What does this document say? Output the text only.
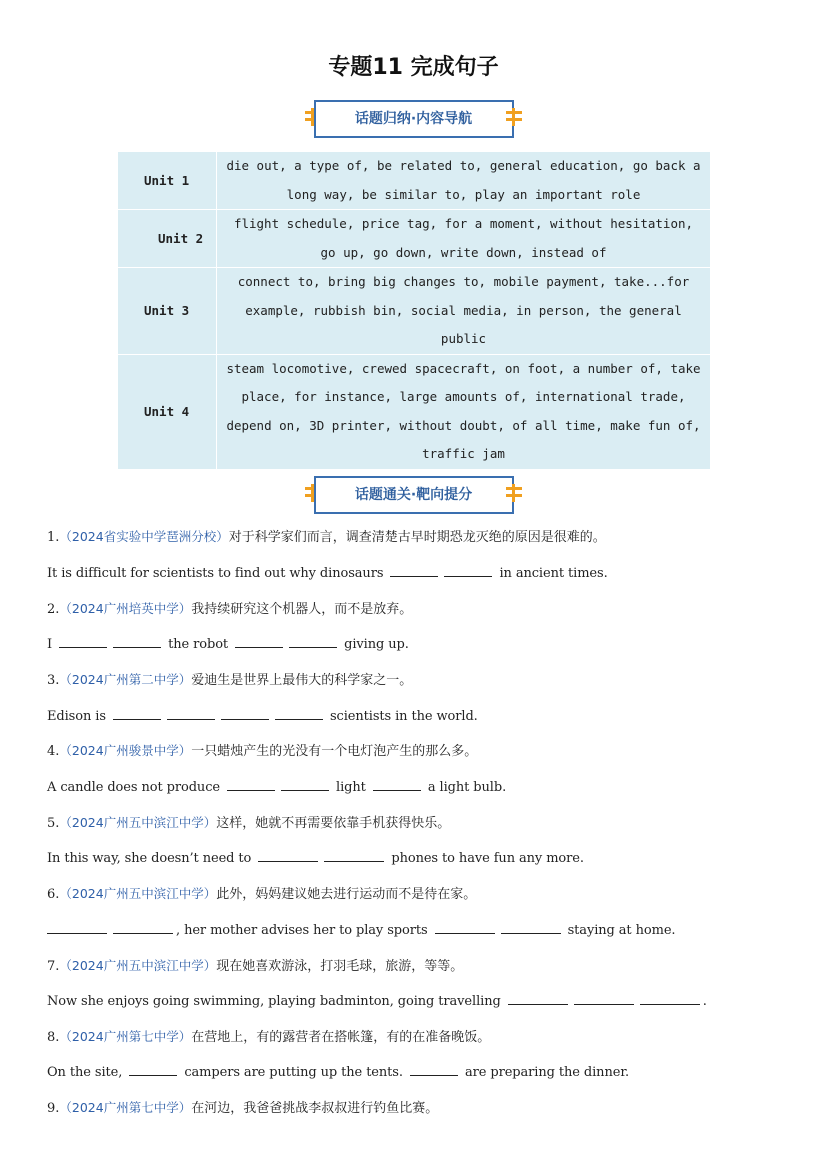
专题11 完成句子
话题归纳·内容导航
Unit 1	die out, a type of, be related to, general education, go back a long way, be similar to, play an important role
Unit 2	flight schedule, price tag, for a moment, without hesitation, go up, go down, write down, instead of
Unit 3	connect to, bring big changes to, mobile payment, take...for example, rubbish bin, social media, in person, the general public
Unit 4	steam locomotive, crewed spacecraft, on foot, a number of, take place, for instance, large amounts of, international trade, depend on, 3D printer, without doubt, of all time, make fun of, traffic jam
话题通关·靶向提分
1.（2024省实验中学琶洲分校）对于科学家们而言，调查清楚古早时期恐龙灭绝的原因是很难的。
It is difficult for scientists to find out why dinosaurs	in ancient times.
2.（2024广州培英中学）我持续研究这个机器人，而不是放弃。
I	the robot	giving up.
3.（2024广州第二中学）爱迪生是世界上最伟大的科学家之一。
Edison is	scientists in the world.
4.（2024广州骏景中学）一只蜡烛产生的光没有一个电灯泡产生的那么多。
A candle does not produce	light	a light bulb.
5.（2024广州五中滨江中学）这样，她就不再需要依靠手机获得快乐。
In this way, she doesn’t need to	phones to have fun any more.
6.（2024广州五中滨江中学）此外，妈妈建议她去进行运动而不是待在家。
, her mother advises her to play sports	staying at home.
7.（2024广州五中滨江中学）现在她喜欢游泳，打羽毛球，旅游，等等。
Now she enjoys going swimming, playing badminton, going travelling	.
8.（2024广州第七中学）在营地上，有的露营者在搭帐篷，有的在准备晚饭。
On the site,	campers are putting up the tents.	are preparing the dinner.
9.（2024广州第七中学）在河边，我爸爸挑战李叔叔进行钓鱼比赛。
